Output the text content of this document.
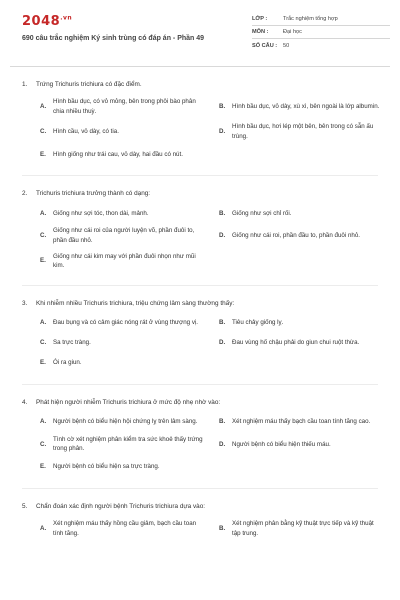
$2048^{.vn}$
690 câu trắc nghiệm Ký sinh trùng có đáp án - Phần 49
LỚP :	Trắc nghiệm tổng hợp
MÔN :	Đại học
SỐ CÂU :	50
1.	Trứng Trichuris trichiura có đặc điểm.
A.
Hình bầu dục, có vỏ mỏng, bên trong phôi bào phân chia nhiều thuỳ.
B.	Hình bầu dục, vỏ dày, xù xì, bên ngoài là lớp albumin.
C.	Hình cầu, vỏ dày, có tia.	D.
Hình bầu dục, hơi lép một bên, bên trong có sẵn ấu trùng.
E.	Hình giống như trái cau, vỏ dày, hai đầu có nút.
2.	Trichuris trichiura trưởng thành có dạng:
A.	Giống như sợi tóc, thon dài, mảnh.	B.	Giống như sợi chỉ rối.
C.
Giống như cái roi của người luyện võ, phần đuôi to, phần đầu nhỏ.
D.	Giống như cái roi, phần đầu to, phần đuôi nhỏ.
E.
Giống như cái kim may với phần đuôi nhọn như mũi kim.
3.	Khi nhiễm nhiều Trichuris trichiura, triệu chứng lâm sàng thường thấy:
A.	Đau bụng và có cảm giác nóng rát ở vùng thượng vị.	B.	Tiêu chảy giống lỵ.
C.	Sa trực tràng.	D.	Đau vùng hố chậu phải do giun chui ruột thừa.
E.	Ói ra giun.
4.	Phát hiện người nhiễm Trichuris trichiura ở mức độ nhẹ nhờ vào:
A.	Người bệnh có biểu hiện hội chứng lỵ trên lâm sàng.	B.	Xét nghiệm máu thấy bạch cầu toan tính tăng cao.
C.
Tình cờ xét nghiệm phân kiểm tra sức khoẻ thấy trứng trong phân.
D.	Người bệnh có biểu hiện thiếu máu.
E.	Người bệnh có biểu hiện sa trực tràng.
5.	Chẩn đoán xác định người bệnh Trichuris trichiura dựa vào:
A.
Xét nghiệm máu thấy hồng cầu giảm, bạch cầu toan tính tăng.
B.
Xét nghiệm phân bằng kỹ thuật trực tiếp và kỹ thuật tập trung.
